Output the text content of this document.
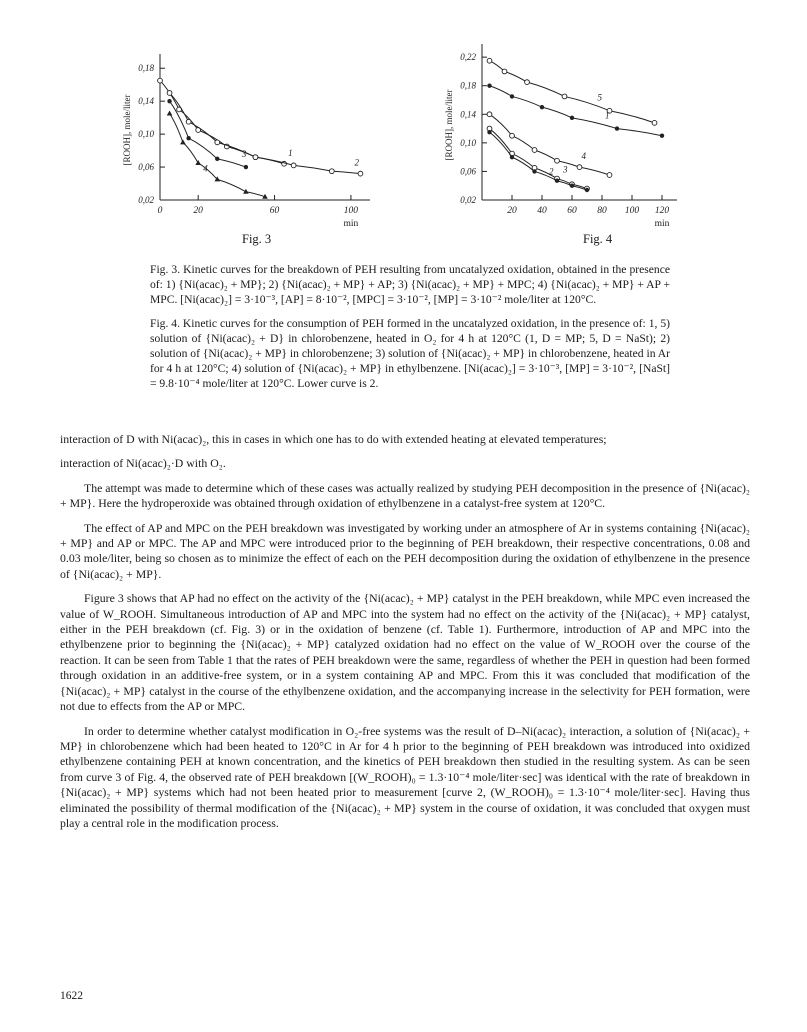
0,18
0,14
0,10
0,06
0,02
0	20	60	100
min
[ROOH], mole/liter	1
2
3
4
Fig. 3
0,22
0,18
0,14
0,10
0,06
0,02
20 40 60 80 100 120
min
[ROOH], mole/liter	5
1
4
3
2
Fig. 4

Fig. 3. Kinetic curves for the breakdown of PEH resulting from uncatalyzed oxidation, obtained in the presence of: 1) {Ni(acac)₂ + MP}; 2) {Ni(acac)₂ + MP} + AP; 3) {Ni(acac)₂ + MP} + MPC; 4) {Ni(acac)₂ + MP} + AP + MPC. [Ni(acac)₂] = 3·10⁻³, [AP] = 8·10⁻², [MPC] = 3·10⁻², [MP] = 3·10⁻² mole/liter at 120°C.

Fig. 4. Kinetic curves for the consumption of PEH formed in the uncatalyzed oxidation, in the presence of: 1, 5) solution of {Ni(acac)₂ + D} in chlorobenzene, heated in O₂ for 4 h at 120°C (1, D = MP; 5, D = NaSt); 2) solution of {Ni(acac)₂ + MP} in chlorobenzene; 3) solution of {Ni(acac)₂ + MP} in chlorobenzene, heated in Ar for 4 h at 120°C; 4) solution of {Ni(acac)₂ + MP} in ethylbenzene. [Ni(acac)₂] = 3·10⁻³, [MP] = 3·10⁻², [NaSt] = 9.8·10⁻⁴ mole/liter at 120°C. Lower curve is 2.

interaction of D with Ni(acac)₂, this in cases in which one has to do with extended heating at elevated temperatures;

interaction of Ni(acac)₂·D with O₂.

The attempt was made to determine which of these cases was actually realized by studying PEH decomposition in the presence of {Ni(acac)₂ + MP}. Here the hydroperoxide was obtained through oxidation of ethylbenzene in a catalyst-free system at 120°C.

The effect of AP and MPC on the PEH breakdown was investigated by working under an atmosphere of Ar in systems containing {Ni(acac)₂ + MP} and AP or MPC. The AP and MPC were introduced prior to the beginning of PEH breakdown, their respective concentrations, 0.08 and 0.03 mole/liter, being so chosen as to minimize the effect of each on the PEH decomposition during the oxidation of ethylbenzene in the presence of {Ni(acac)₂ + MP}.

Figure 3 shows that AP had no effect on the activity of the {Ni(acac)₂ + MP} catalyst in the PEH breakdown, while MPC even increased the value of W_ROOH. Simultaneous introduction of AP and MPC into the system had no effect on the activity of the {Ni(acac)₂ + MP} catalyst, either in the PEH breakdown (cf. Fig. 3) or in the oxidation of benzene (cf. Table 1). Furthermore, introduction of AP and MPC into the ethylbenzene prior to beginning the {Ni(acac)₂ + MP} catalyzed oxidation had no effect on the value of W_ROOH over the course of the reaction. It can be seen from Table 1 that the rates of PEH breakdown were the same, regardless of whether the PEH in question had been formed through oxidation in an additive-free system, or in a system containing AP and MPC. From this it was concluded that modification of the {Ni(acac)₂ + MP} catalyst in the course of the ethylbenzene oxidation, and the accompanying increase in the selectivity for PEH formation, were not due to effects from the AP or MPC.

In order to determine whether catalyst modification in O₂-free systems was the result of D–Ni(acac)₂ interaction, a solution of {Ni(acac)₂ + MP} in chlorobenzene which had been heated to 120°C in Ar for 4 h prior to the beginning of PEH breakdown was introduced into oxidized ethylbenzene containing PEH at known concentration, and the kinetics of PEH breakdown then studied in the resulting system. As can be seen from curve 3 of Fig. 4, the observed rate of PEH breakdown [(W_ROOH)₀ = 1.3·10⁻⁴ mole/liter·sec] was identical with the rate of breakdown in {Ni(acac)₂ + MP} systems which had not been heated prior to measurement [curve 2, (W_ROOH)₀ = 1.3·10⁻⁴ mole/liter·sec]. Having thus eliminated the possibility of thermal modification of the {Ni(acac)₂ + MP} system in the course of oxidation, it was concluded that oxygen must play a central role in the modification process.

1622
